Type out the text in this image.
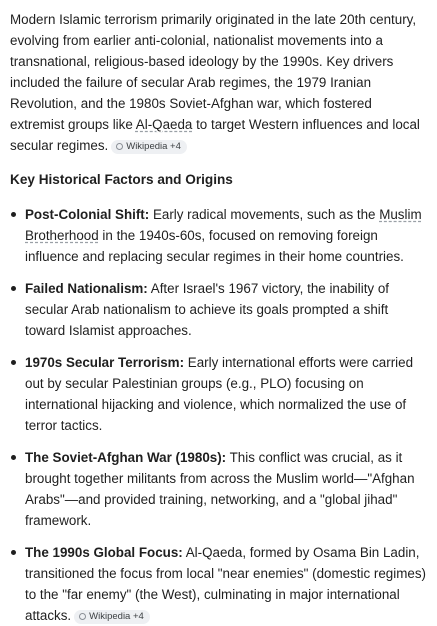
Modern Islamic terrorism primarily originated in the late 20th century, evolving from earlier anti-colonial, nationalist movements into a transnational, religious-based ideology by the 1990s. Key drivers included the failure of secular Arab regimes, the 1979 Iranian Revolution, and the 1980s Soviet-Afghan war, which fostered extremist groups like Al-Qaeda to target Western influences and local secular regimes. Wikipedia +4

Key Historical Factors and Origins
Post-Colonial Shift: Early radical movements, such as the Muslim Brotherhood in the 1940s-60s, focused on removing foreign influence and replacing secular regimes in their home countries.
Failed Nationalism: After Israel's 1967 victory, the inability of secular Arab nationalism to achieve its goals prompted a shift toward Islamist approaches.
1970s Secular Terrorism: Early international efforts were carried out by secular Palestinian groups (e.g., PLO) focusing on international hijacking and violence, which normalized the use of terror tactics.
The Soviet-Afghan War (1980s): This conflict was crucial, as it brought together militants from across the Muslim world—"Afghan Arabs"—and provided training, networking, and a "global jihad" framework.
The 1990s Global Focus: Al-Qaeda, formed by Osama Bin Ladin, transitioned the focus from local "near enemies" (domestic regimes) to the "far enemy" (the West), culminating in major international attacks. Wikipedia +4
